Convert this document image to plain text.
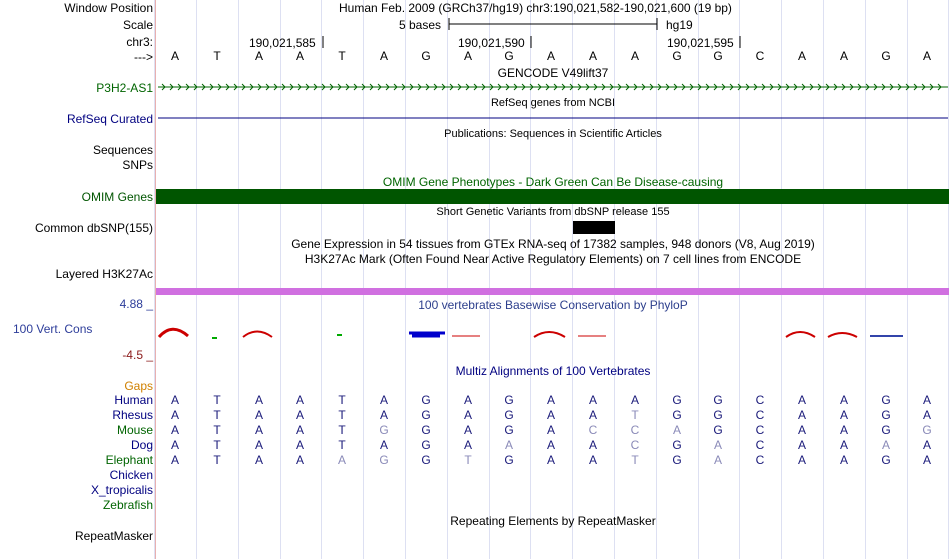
Window Position
Scale
chr3:
--->
P3H2-AS1
RefSeq Curated
Sequences
SNPs
OMIM Genes
Common dbSNP(155)
Layered H3K27Ac
4.88 _
100 Vert. Cons
-4.5 _
Gaps
Human
Rhesus
Mouse
Dog
Elephant
Chicken
X_tropicalis
Zebrafish
RepeatMasker
Human Feb. 2009 (GRCh37/hg19) chr3:190,021,582-190,021,600 (19 bp)
5 bases	hg19
190,021,585	190,021,590	190,021,595
A	T	A	A	T	A	G	A	G	A	A	A	G	G	C	A	A	G	A
GENCODE V49lift37
RefSeq genes from NCBI
Publications: Sequences in Scientific Articles
OMIM Gene Phenotypes - Dark Green Can Be Disease-causing
Short Genetic Variants from dbSNP release 155
Gene Expression in 54 tissues from GTEx RNA-seq of 17382 samples, 948 donors (V8, Aug 2019)
H3K27Ac Mark (Often Found Near Active Regulatory Elements) on 7 cell lines from ENCODE
100 vertebrates Basewise Conservation by PhyloP
Multiz Alignments of 100 Vertebrates
Repeating Elements by RepeatMasker
A	T	A	A	T	A	G	A	G	A	A	A	G	G	C	A	A	G	A
A	T	A	A	T	A	G	A	G	A	A	T	G	G	C	A	A	G	A
A	T	A	A	T	G	G	A	G	A	C	C	A	G	C	A	A	G	G
A	T	A	A	T	A	G	A	A	A	A	C	G	A	C	A	A	A	A
A	T	A	A	A	G	G	T	G	A	A	T	G	A	C	A	A	G	A
